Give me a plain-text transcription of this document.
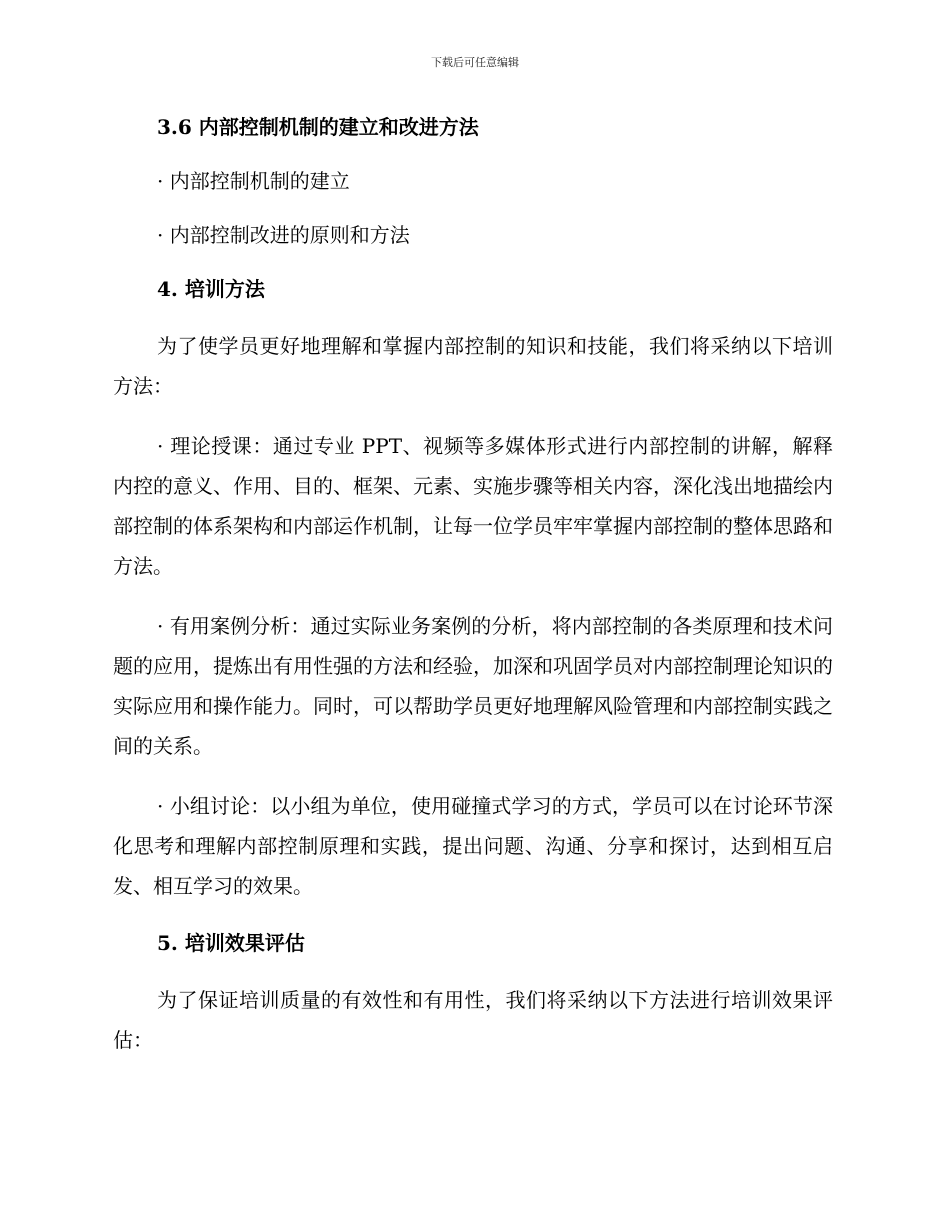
下载后可任意编辑
3.6 内部控制机制的建立和改进方法
· 内部控制机制的建立
· 内部控制改进的原则和方法
4. 培训方法

为了使学员更好地理解和掌握内部控制的知识和技能，我们将采纳以下培训方法：

· 理论授课：通过专业 PPT、视频等多媒体形式进行内部控制的讲解，解释内控的意义、作用、目的、框架、元素、实施步骤等相关内容，深化浅出地描绘内部控制的体系架构和内部运作机制，让每一位学员牢牢掌握内部控制的整体思路和方法。

· 有用案例分析：通过实际业务案例的分析，将内部控制的各类原理和技术问题的应用，提炼出有用性强的方法和经验，加深和巩固学员对内部控制理论知识的实际应用和操作能力。同时，可以帮助学员更好地理解风险管理和内部控制实践之间的关系。

· 小组讨论：以小组为单位，使用碰撞式学习的方式，学员可以在讨论环节深化思考和理解内部控制原理和实践，提出问题、沟通、分享和探讨，达到相互启发、相互学习的效果。

5. 培训效果评估

为了保证培训质量的有效性和有用性，我们将采纳以下方法进行培训效果评估：
